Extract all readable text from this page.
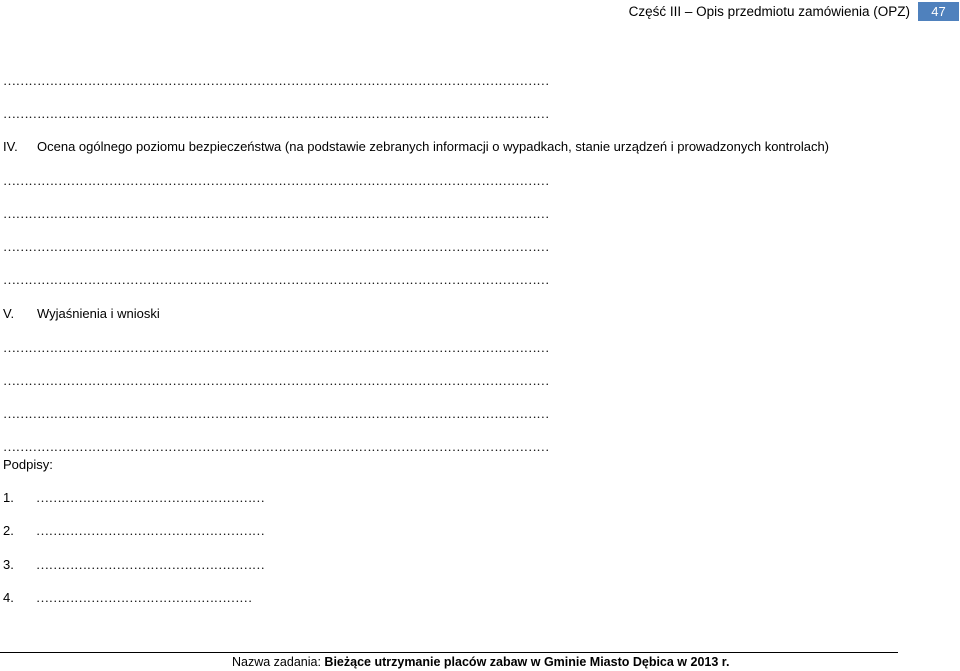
Część III – Opis przedmiotu zamówienia (OPZ)	47
…………………………………………………………………………………………………………………
…………………………………………………………………………………………………………………
IV. Ocena ogólnego poziomu bezpieczeństwa (na podstawie zebranych informacji o wypadkach, stanie urządzeń i prowadzonych kontrolach)
…………………………………………………………………………………………………………………
…………………………………………………………………………………………………………………
…………………………………………………………………………………………………………………
…………………………………………………………………………………………………………………
V. Wyjaśnienia i wnioski
…………………………………………………………………………………………………………………
…………………………………………………………………………………………………………………
…………………………………………………………………………………………………………………
…………………………………………………………………………………………………………………
Podpisy:
1. ………………………………………………
2. ………………………………………………
3. ………………………………………………
4. ……………………………………………
Nazwa zadania: Bieżące utrzymanie placów zabaw w Gminie Miasto Dębica w 2013 r.
